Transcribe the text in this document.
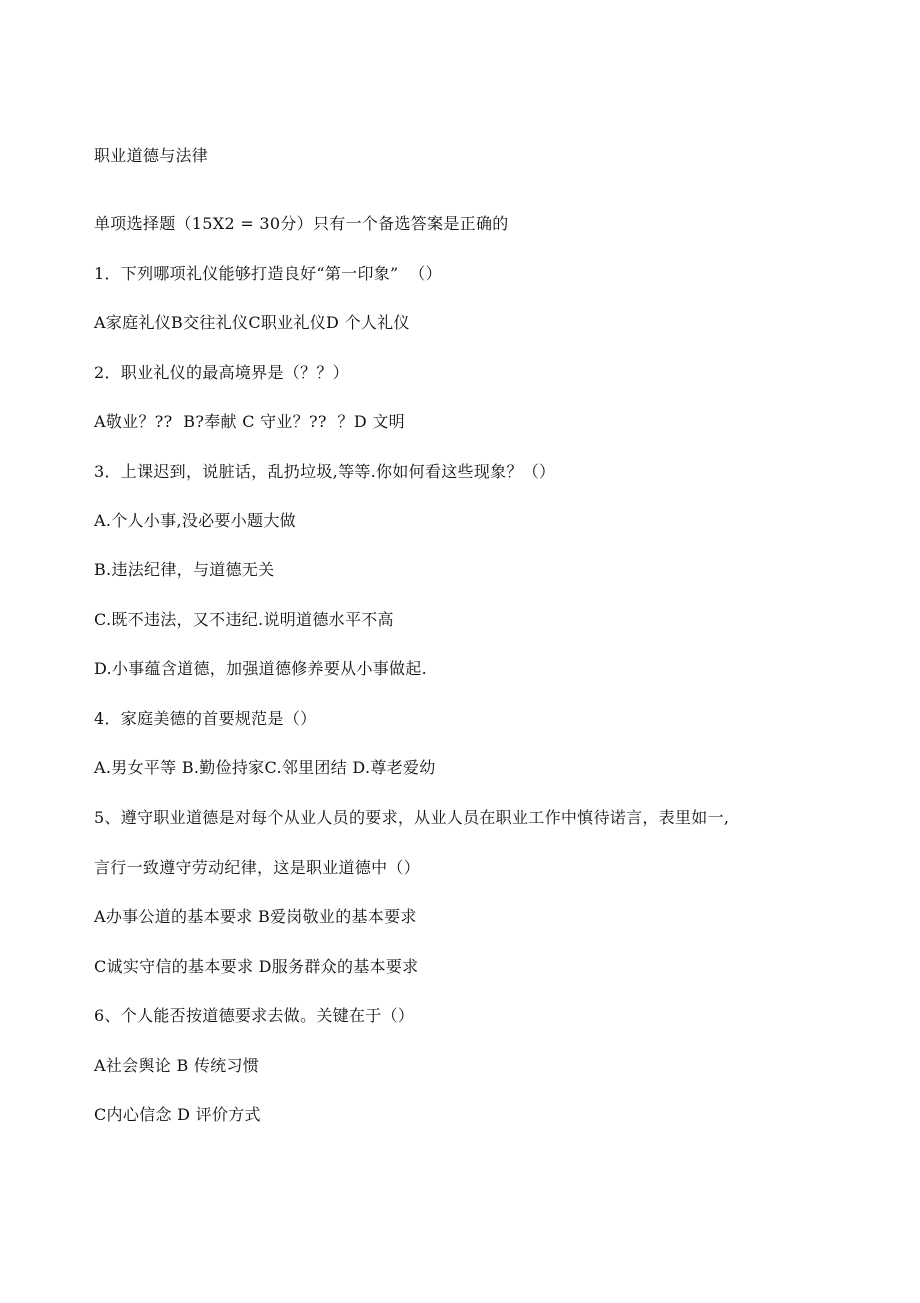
职业道德与法律
单项选择题（15X2 = 30分）只有一个备选答案是正确的
1．下列哪项礼仪能够打造良好“第一印象”  （）
A家庭礼仪B交往礼仪C职业礼仪D 个人礼仪
2．职业礼仪的最高境界是（？？）
A敬业？??  B?奉献 C 守业？??  ？D 文明
3．上课迟到，说脏话，乱扔垃圾,等等.你如何看这些现象？（）
A.个人小事,没必要小题大做
B.违法纪律，与道德无关
C.既不违法，又不违纪.说明道德水平不高
D.小事蕴含道德，加强道德修养要从小事做起.
4．家庭美德的首要规范是（）
A.男女平等 B.勤俭持家C.邻里团结 D.尊老爱幼
5、遵守职业道德是对每个从业人员的要求，从业人员在职业工作中慎待诺言，表里如一,
言行一致遵守劳动纪律，这是职业道德中（）
A办事公道的基本要求 B爱岗敬业的基本要求
C诚实守信的基本要求 D服务群众的基本要求
6、个人能否按道德要求去做。关键在于（）
A社会舆论 B 传统习惯
C内心信念 D 评价方式
